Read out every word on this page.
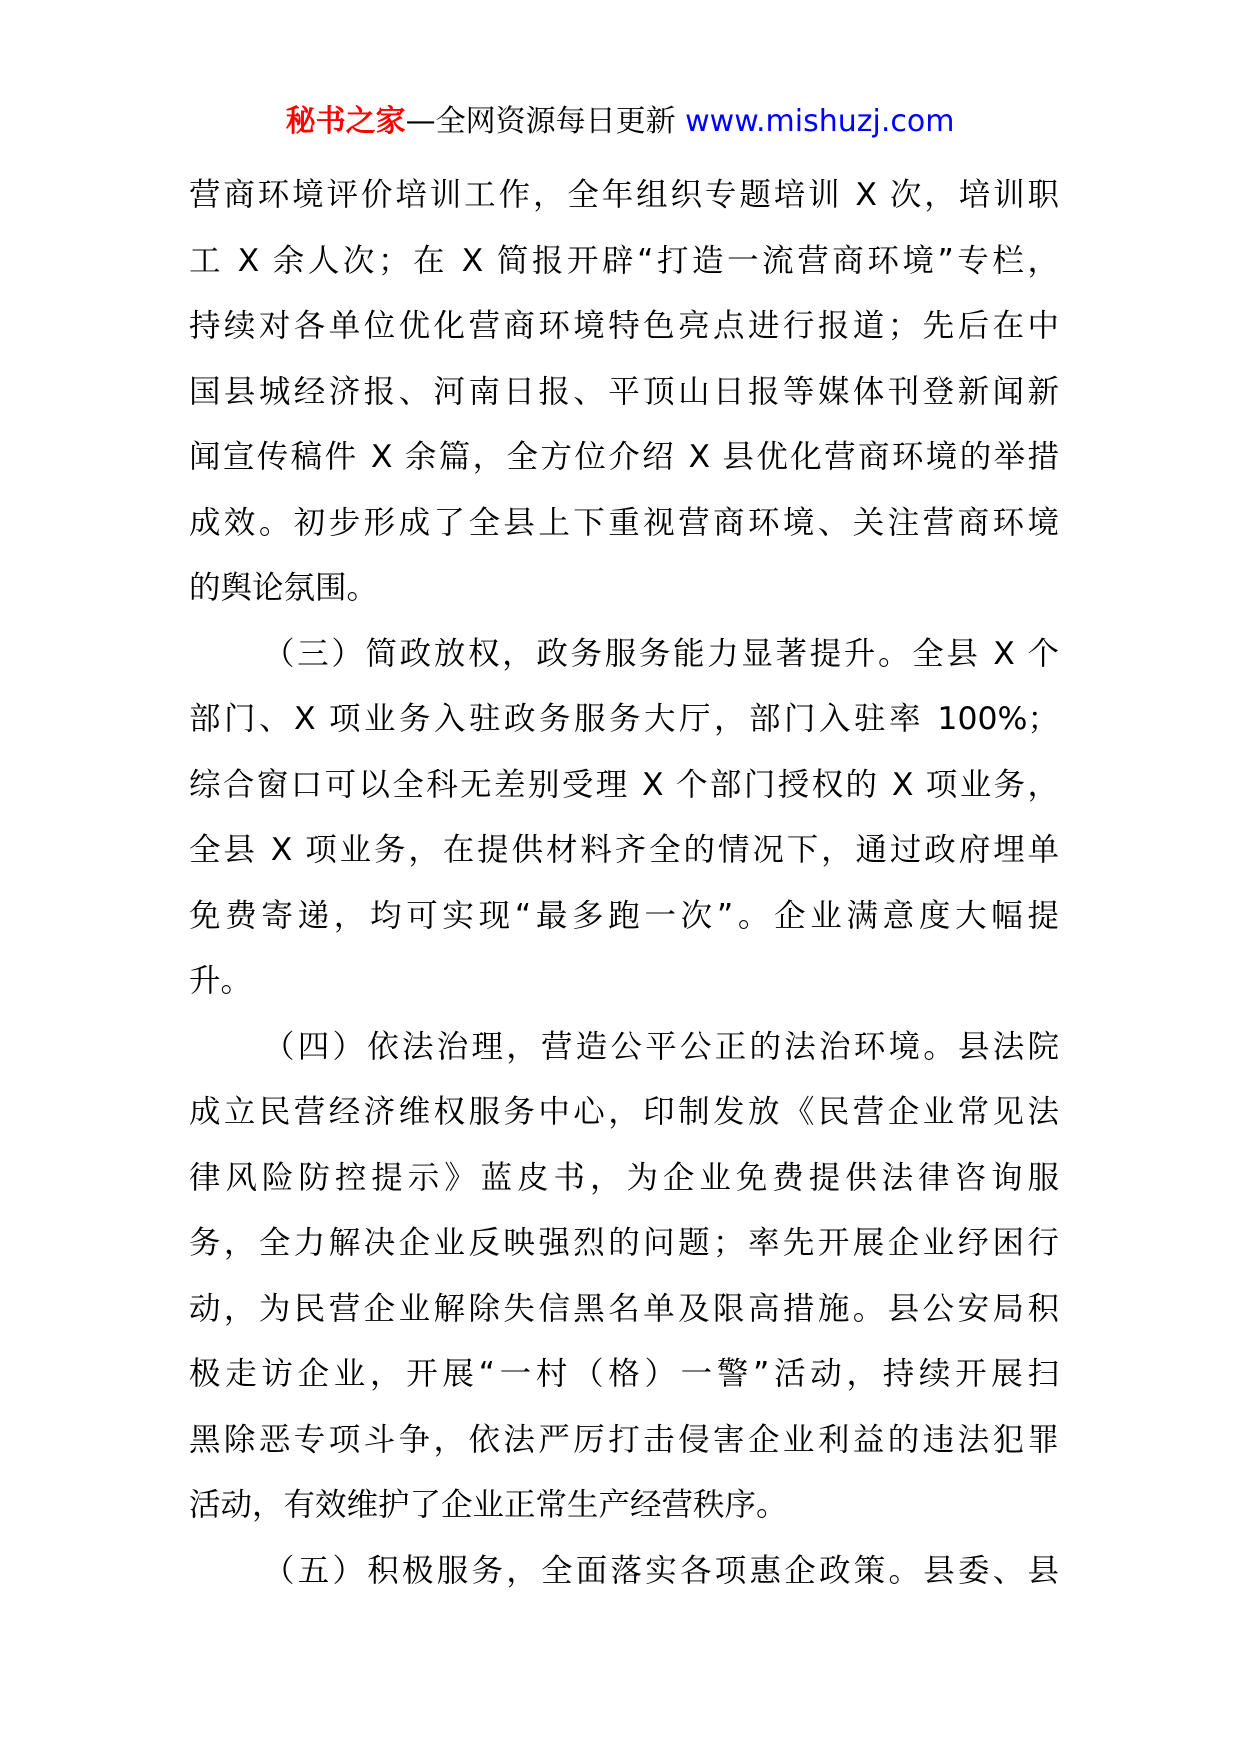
秘书之家—全网资源每日更新 www.mishuzj.com
营商环境评价培训工作，全年组织专题培训 X 次，培训职
工 X 余人次；在 X 简报开辟“打造一流营商环境”专栏，
持续对各单位优化营商环境特色亮点进行报道；先后在中
国县城经济报、河南日报、平顶山日报等媒体刊登新闻新
闻宣传稿件 X 余篇，全方位介绍 X 县优化营商环境的举措
成效。初步形成了全县上下重视营商环境、关注营商环境
的舆论氛围。
（三）简政放权，政务服务能力显著提升。全县 X 个
部门、X 项业务入驻政务服务大厅，部门入驻率 100%；
综合窗口可以全科无差别受理 X 个部门授权的 X 项业务，
全县 X 项业务，在提供材料齐全的情况下，通过政府埋单
免费寄递，均可实现“最多跑一次”。企业满意度大幅提
升。
（四）依法治理，营造公平公正的法治环境。县法院
成立民营经济维权服务中心，印制发放《民营企业常见法
律风险防控提示》蓝皮书，为企业免费提供法律咨询服
务，全力解决企业反映强烈的问题；率先开展企业纾困行
动，为民营企业解除失信黑名单及限高措施。县公安局积
极走访企业，开展“一村（格）一警”活动，持续开展扫
黑除恶专项斗争，依法严厉打击侵害企业利益的违法犯罪
活动，有效维护了企业正常生产经营秩序。
（五）积极服务，全面落实各项惠企政策。县委、县
